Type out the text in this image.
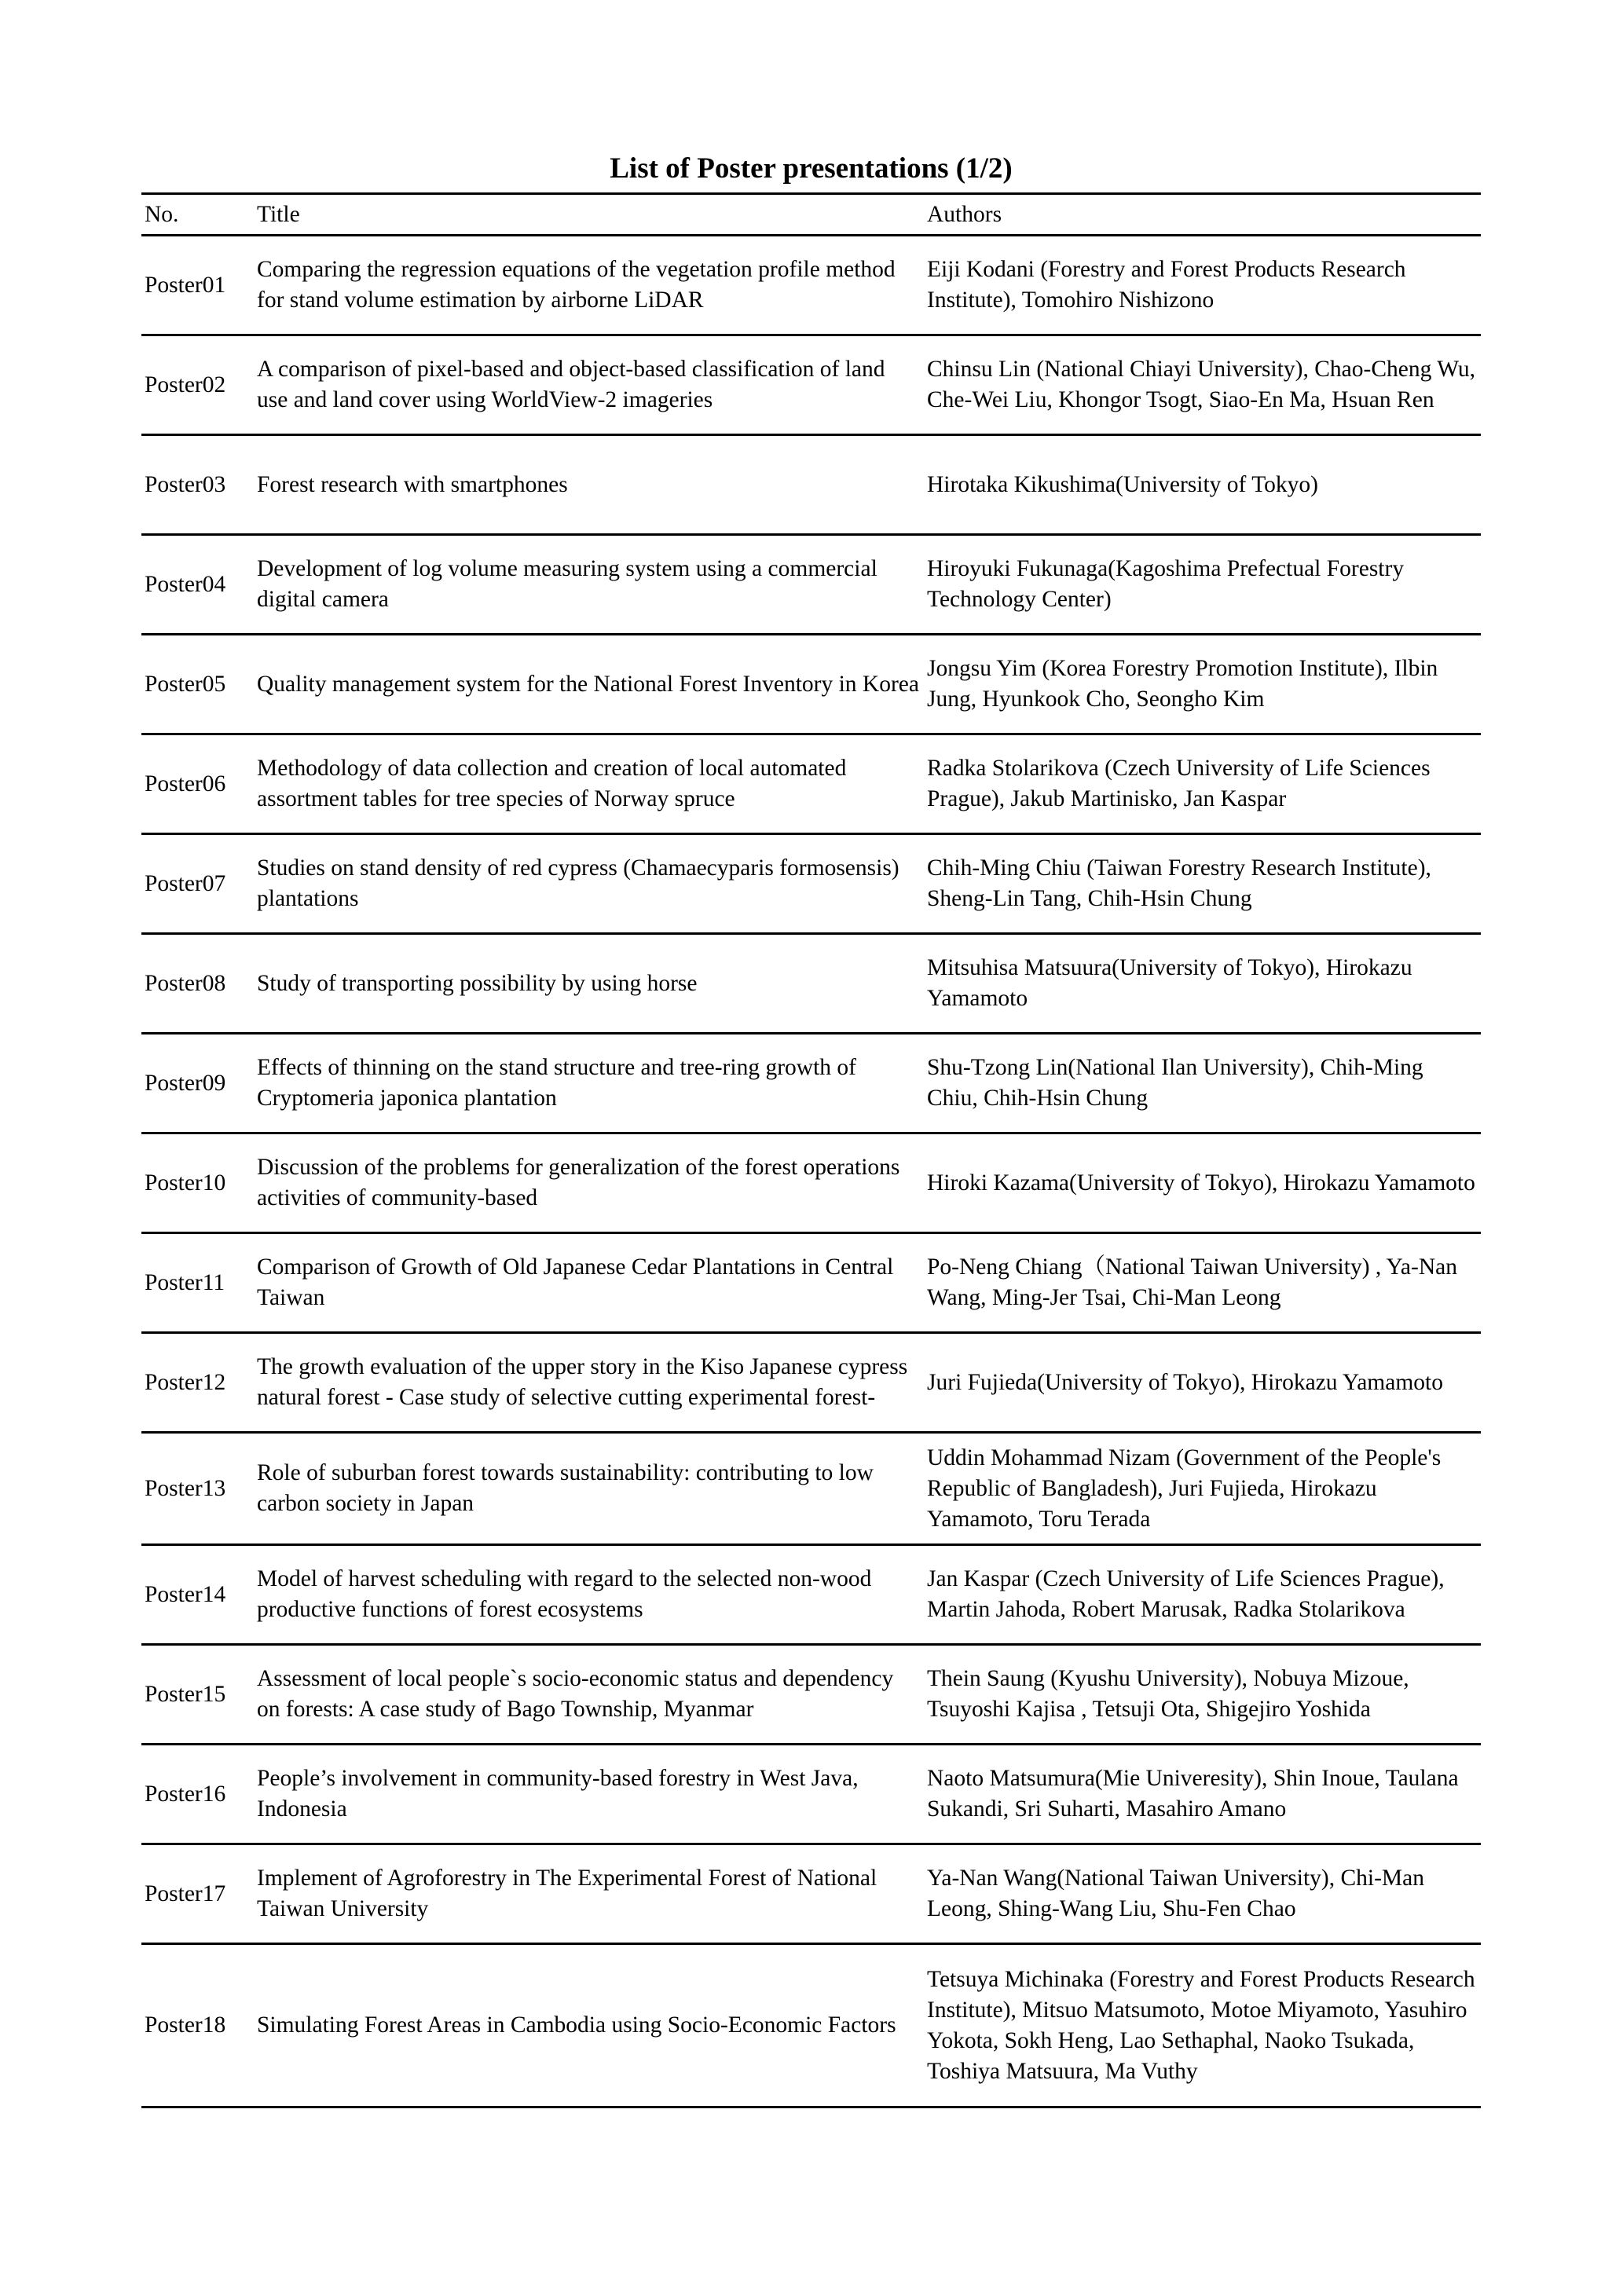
List of Poster presentations (1/2)
No.	Title	Authors
Poster01	Comparing the regression equations of the vegetation profile method for stand volume estimation by airborne LiDAR	Eiji Kodani (Forestry and Forest Products Research Institute), Tomohiro Nishizono
Poster02	A comparison of pixel-based and object-based classification of land use and land cover using WorldView-2 imageries	Chinsu Lin (National Chiayi University), Chao-Cheng Wu, Che-Wei Liu, Khongor Tsogt, Siao-En Ma, Hsuan Ren
Poster03	Forest research with smartphones	Hirotaka Kikushima(University of Tokyo)
Poster04	Development of log volume measuring system using a commercial digital camera	Hiroyuki Fukunaga(Kagoshima Prefectual Forestry Technology Center)
Poster05	Quality management system for the National Forest Inventory in Korea	Jongsu Yim (Korea Forestry Promotion Institute), Ilbin Jung, Hyunkook Cho, Seongho Kim
Poster06	Methodology of data collection and creation of local automated assortment tables for tree species of Norway spruce	Radka Stolarikova (Czech University of Life Sciences Prague), Jakub Martinisko, Jan Kaspar
Poster07	Studies on stand density of red cypress (Chamaecyparis formosensis) plantations	Chih-Ming Chiu (Taiwan Forestry Research Institute), Sheng-Lin Tang, Chih-Hsin Chung
Poster08	Study of transporting possibility by using horse	Mitsuhisa Matsuura(University of Tokyo), Hirokazu Yamamoto
Poster09	Effects of thinning on the stand structure and tree-ring growth of Cryptomeria japonica plantation	Shu-Tzong Lin(National Ilan University), Chih-Ming Chiu, Chih-Hsin Chung
Poster10	Discussion of the problems for generalization of the forest operations activities of community-based	Hiroki Kazama(University of Tokyo), Hirokazu Yamamoto
Poster11	Comparison of Growth of Old Japanese Cedar Plantations in Central Taiwan	Po-Neng Chiang（National Taiwan University) , Ya-Nan Wang, Ming-Jer Tsai, Chi-Man Leong
Poster12	The growth evaluation of the upper story in the Kiso Japanese cypress natural forest - Case study of selective cutting experimental forest-	Juri Fujieda(University of Tokyo), Hirokazu Yamamoto
Poster13	Role of suburban forest towards sustainability: contributing to low carbon society in Japan	Uddin Mohammad Nizam (Government of the People's Republic of Bangladesh), Juri Fujieda, Hirokazu Yamamoto, Toru Terada
Poster14	Model of harvest scheduling with regard to the selected non-wood productive functions of forest ecosystems	Jan Kaspar (Czech University of Life Sciences Prague), Martin Jahoda, Robert Marusak, Radka Stolarikova
Poster15	Assessment of local people`s socio-economic status and dependency on forests: A case study of Bago Township, Myanmar	Thein Saung (Kyushu University), Nobuya Mizoue, Tsuyoshi Kajisa , Tetsuji Ota, Shigejiro Yoshida
Poster16	People’s involvement in community-based forestry in West Java, Indonesia	Naoto Matsumura(Mie Univeresity), Shin Inoue, Taulana Sukandi, Sri Suharti, Masahiro Amano
Poster17	Implement of Agroforestry in The Experimental Forest of National Taiwan University	Ya-Nan Wang(National Taiwan University), Chi-Man Leong, Shing-Wang Liu, Shu-Fen Chao
Poster18	Simulating Forest Areas in Cambodia using Socio-Economic Factors	Tetsuya Michinaka (Forestry and Forest Products Research Institute), Mitsuo Matsumoto, Motoe Miyamoto, Yasuhiro Yokota, Sokh Heng, Lao Sethaphal, Naoko Tsukada, Toshiya Matsuura, Ma Vuthy
